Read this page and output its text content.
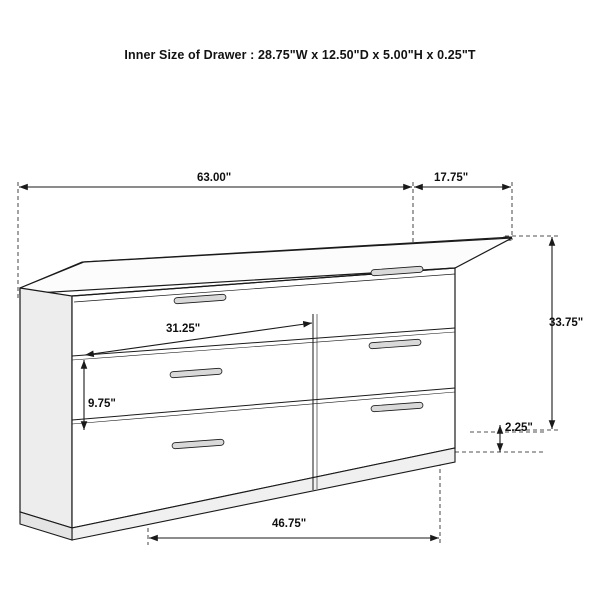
Inner Size of Drawer : 28.75"W x 12.50"D x 5.00"H x 0.25"T
63.00"	17.75"
33.75"
2.25"
31.25"
9.75"
46.75"
